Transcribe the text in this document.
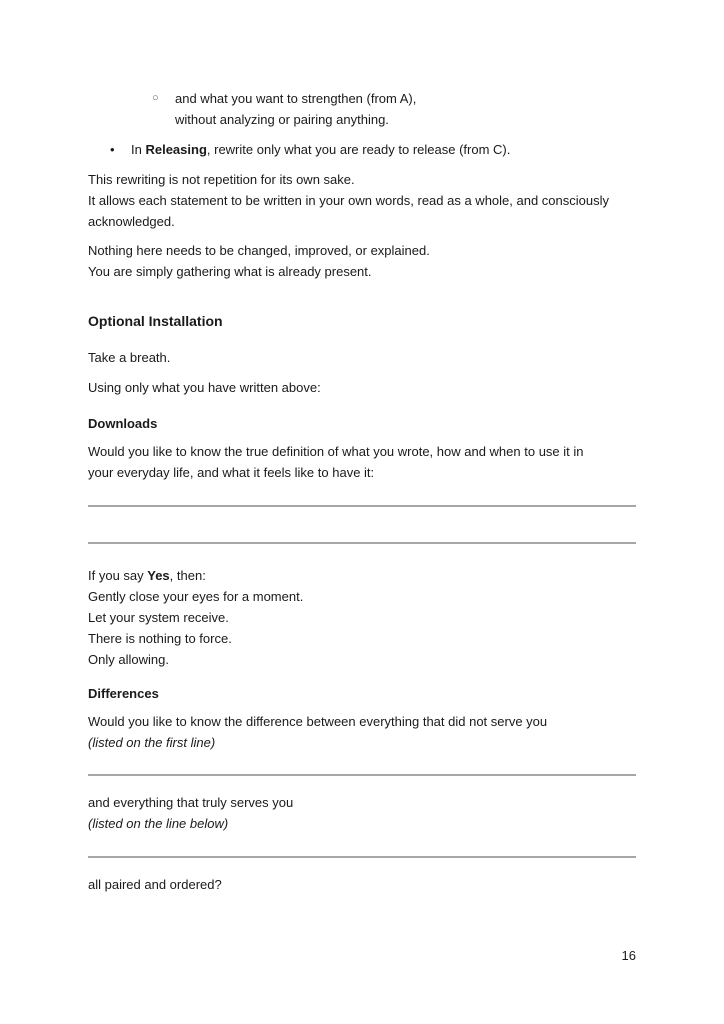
○ and what you want to strengthen (from A),

without analyzing or pairing anything.

• In Releasing, rewrite only what you are ready to release (from C).

This rewriting is not repetition for its own sake.

It allows each statement to be written in your own words, read as a whole, and consciously

acknowledged.

Nothing here needs to be changed, improved, or explained.

You are simply gathering what is already present.

Optional Installation

Take a breath.

Using only what you have written above:

Downloads

Would you like to know the true definition of what you wrote, how and when to use it in

your everyday life, and what it feels like to have it:

If you say Yes, then:

Gently close your eyes for a moment.

Let your system receive.

There is nothing to force.

Only allowing.

Differences

Would you like to know the difference between everything that did not serve you

(listed on the first line)

and everything that truly serves you

(listed on the line below)

all paired and ordered?

16
